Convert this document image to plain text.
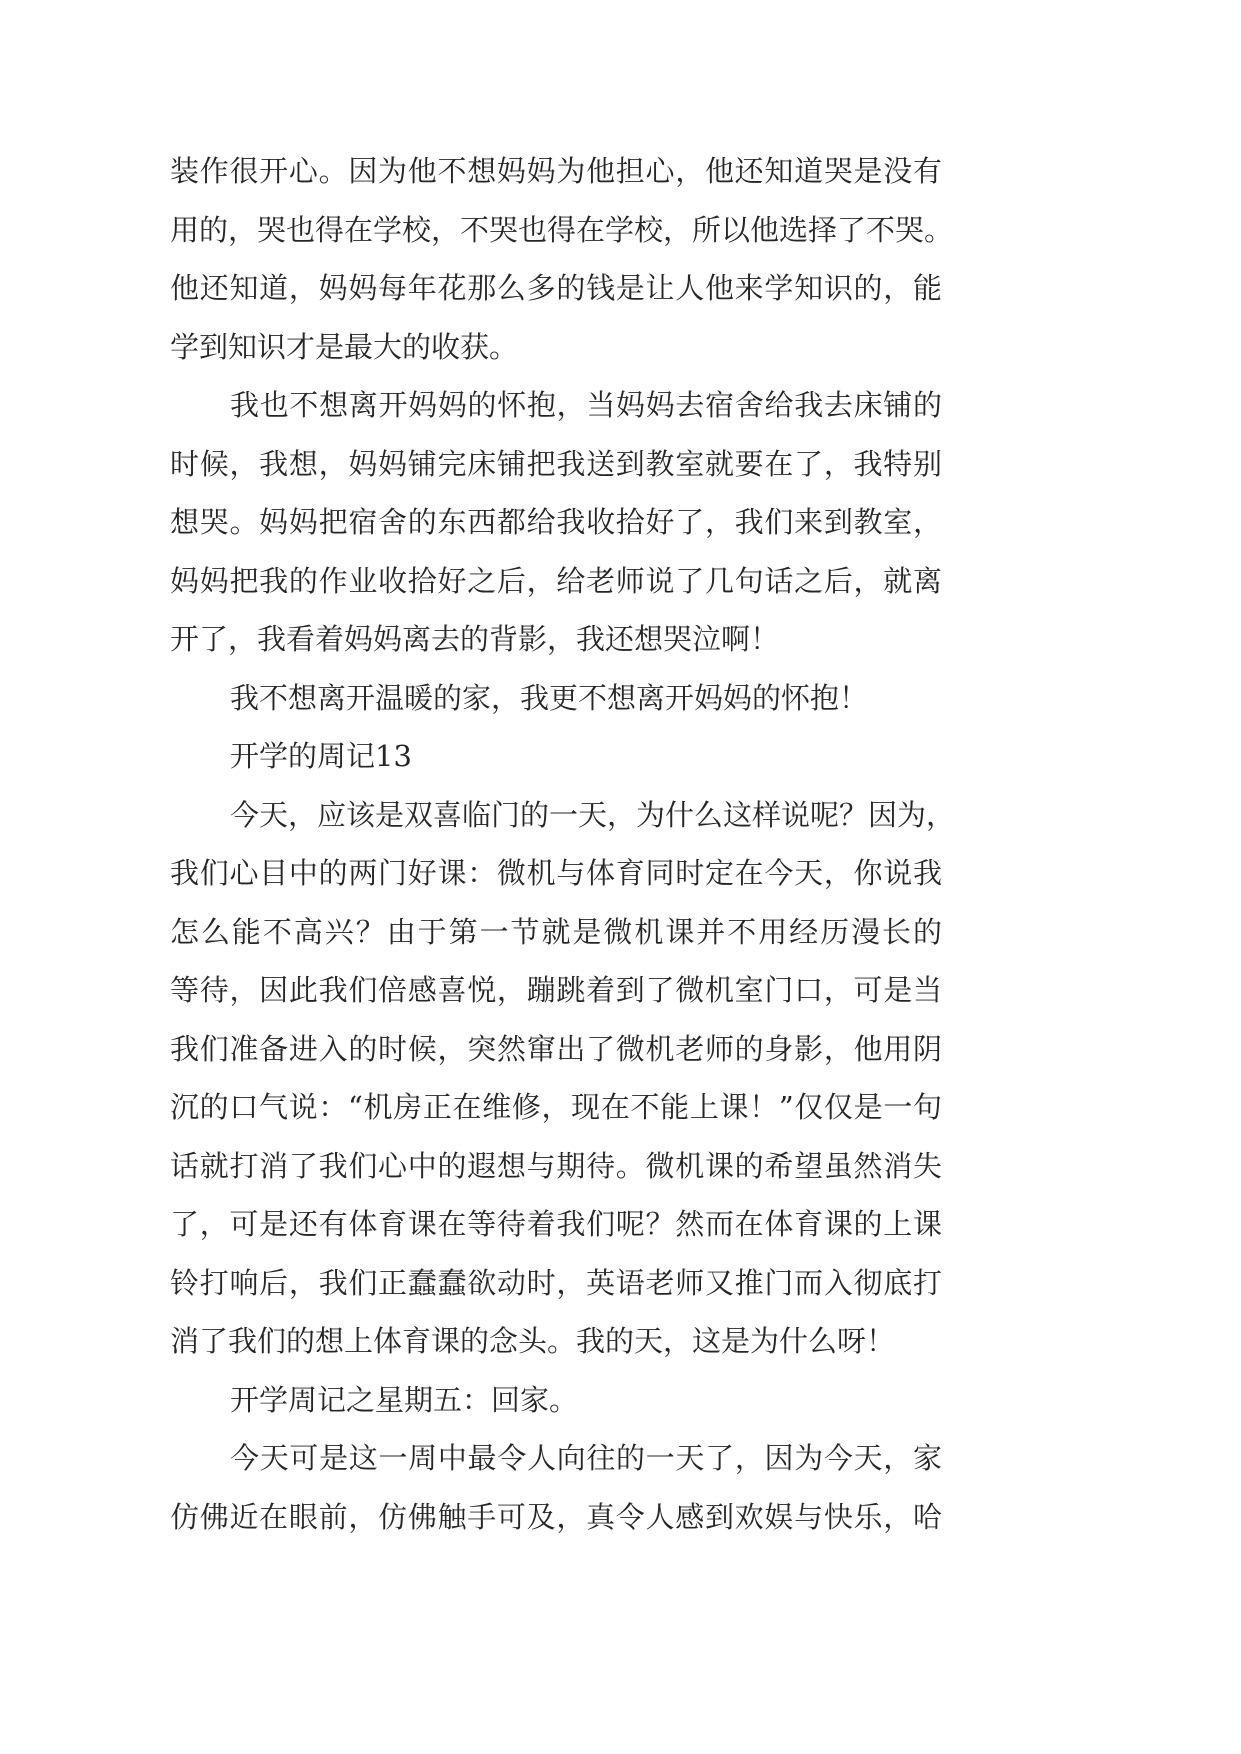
装作很开心。因为他不想妈妈为他担心，他还知道哭是没有
用的，哭也得在学校，不哭也得在学校，所以他选择了不哭。
他还知道，妈妈每年花那么多的钱是让人他来学知识的，能
学到知识才是最大的收获。
我也不想离开妈妈的怀抱，当妈妈去宿舍给我去床铺的
时候，我想，妈妈铺完床铺把我送到教室就要在了，我特别
想哭。妈妈把宿舍的东西都给我收拾好了，我们来到教室，
妈妈把我的作业收拾好之后，给老师说了几句话之后，就离
开了，我看着妈妈离去的背影，我还想哭泣啊！
我不想离开温暖的家，我更不想离开妈妈的怀抱！
开学的周记13
今天，应该是双喜临门的一天，为什么这样说呢？因为，
我们心目中的两门好课：微机与体育同时定在今天，你说我
怎么能不高兴？由于第一节就是微机课并不用经历漫长的
等待，因此我们倍感喜悦，蹦跳着到了微机室门口，可是当
我们准备进入的时候，突然窜出了微机老师的身影，他用阴
沉的口气说：“机房正在维修，现在不能上课！”仅仅是一句
话就打消了我们心中的遐想与期待。微机课的希望虽然消失
了，可是还有体育课在等待着我们呢？然而在体育课的上课
铃打响后，我们正蠢蠢欲动时，英语老师又推门而入彻底打
消了我们的想上体育课的念头。我的天，这是为什么呀！
开学周记之星期五：回家。
今天可是这一周中最令人向往的一天了，因为今天，家
仿佛近在眼前，仿佛触手可及，真令人感到欢娱与快乐，哈
